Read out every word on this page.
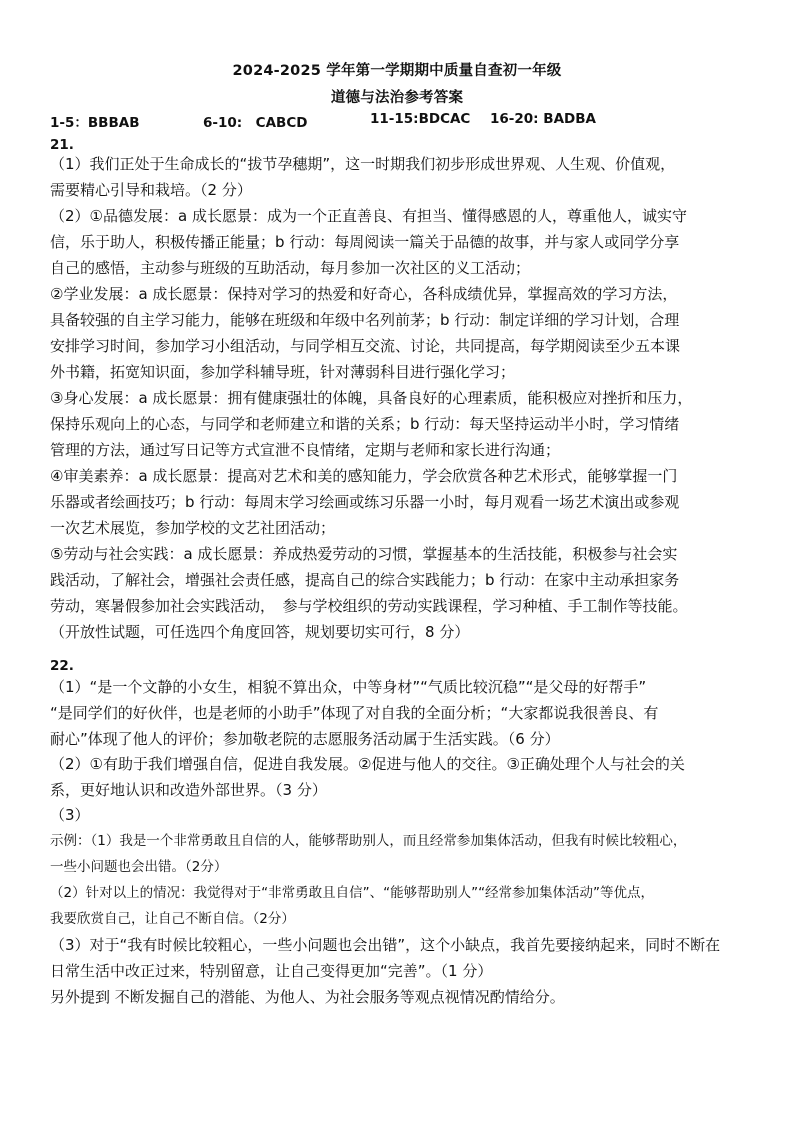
2024-2025 学年第一学期期中质量自查初一年级
道德与法治参考答案
1-5：BBBAB	6-10:　CABCD	11-15:BDCAC 16-20: BADBA
21.
（1）我们正处于生命成长的“拔节孕穗期”，这一时期我们初步形成世界观、人生观、价值观，
需要精心引导和栽培。（2 分）
（2）①品德发展：a 成长愿景：成为一个正直善良、有担当、懂得感恩的人，尊重他人，诚实守
信，乐于助人，积极传播正能量；b 行动：每周阅读一篇关于品德的故事，并与家人或同学分享
自己的感悟，主动参与班级的互助活动，每月参加一次社区的义工活动；
②学业发展：a 成长愿景：保持对学习的热爱和好奇心，各科成绩优异，掌握高效的学习方法，
具备较强的自主学习能力，能够在班级和年级中名列前茅；b 行动：制定详细的学习计划，合理
安排学习时间，参加学习小组活动，与同学相互交流、讨论，共同提高，每学期阅读至少五本课
外书籍，拓宽知识面，参加学科辅导班，针对薄弱科目进行强化学习；
③身心发展：a 成长愿景：拥有健康强壮的体魄，具备良好的心理素质，能积极应对挫折和压力，
保持乐观向上的心态，与同学和老师建立和谐的关系；b 行动：每天坚持运动半小时，学习情绪
管理的方法，通过写日记等方式宣泄不良情绪，定期与老师和家长进行沟通；
④审美素养：a 成长愿景：提高对艺术和美的感知能力，学会欣赏各种艺术形式，能够掌握一门
乐器或者绘画技巧；b 行动：每周末学习绘画或练习乐器一小时，每月观看一场艺术演出或参观
一次艺术展览，参加学校的文艺社团活动；
⑤劳动与社会实践：a 成长愿景：养成热爱劳动的习惯，掌握基本的生活技能，积极参与社会实
践活动，了解社会，增强社会责任感，提高自己的综合实践能力；b 行动：在家中主动承担家务
劳动，寒暑假参加社会实践活动，　参与学校组织的劳动实践课程，学习种植、手工制作等技能。
（开放性试题，可任选四个角度回答，规划要切实可行，8 分）
22.
（1）“是一个文静的小女生，相貌不算出众，中等身材”“气质比较沉稳”“是父母的好帮手”
“是同学们的好伙伴，也是老师的小助手”体现了对自我的全面分析；“大家都说我很善良、有
耐心”体现了他人的评价；参加敬老院的志愿服务活动属于生活实践。（6 分）
（2）①有助于我们增强自信，促进自我发展。②促进与他人的交往。③正确处理个人与社会的关
系，更好地认识和改造外部世界。（3 分）
（3）
示例：（1）我是一个非常勇敢且自信的人，能够帮助别人，而且经常参加集体活动，但我有时候比较粗心，
一些小问题也会出错。（2分）
（2）针对以上的情况：我觉得对于“非常勇敢且自信”、“能够帮助别人”“经常参加集体活动”等优点，
我要欣赏自己，让自己不断自信。（2分）
（3）对于“我有时候比较粗心，一些小问题也会出错”，这个小缺点，我首先要接纳起来，同时不断在
日常生活中改正过来，特别留意，让自己变得更加“完善”。（1 分）
另外提到 不断发掘自己的潜能、为他人、为社会服务等观点视情况酌情给分。
